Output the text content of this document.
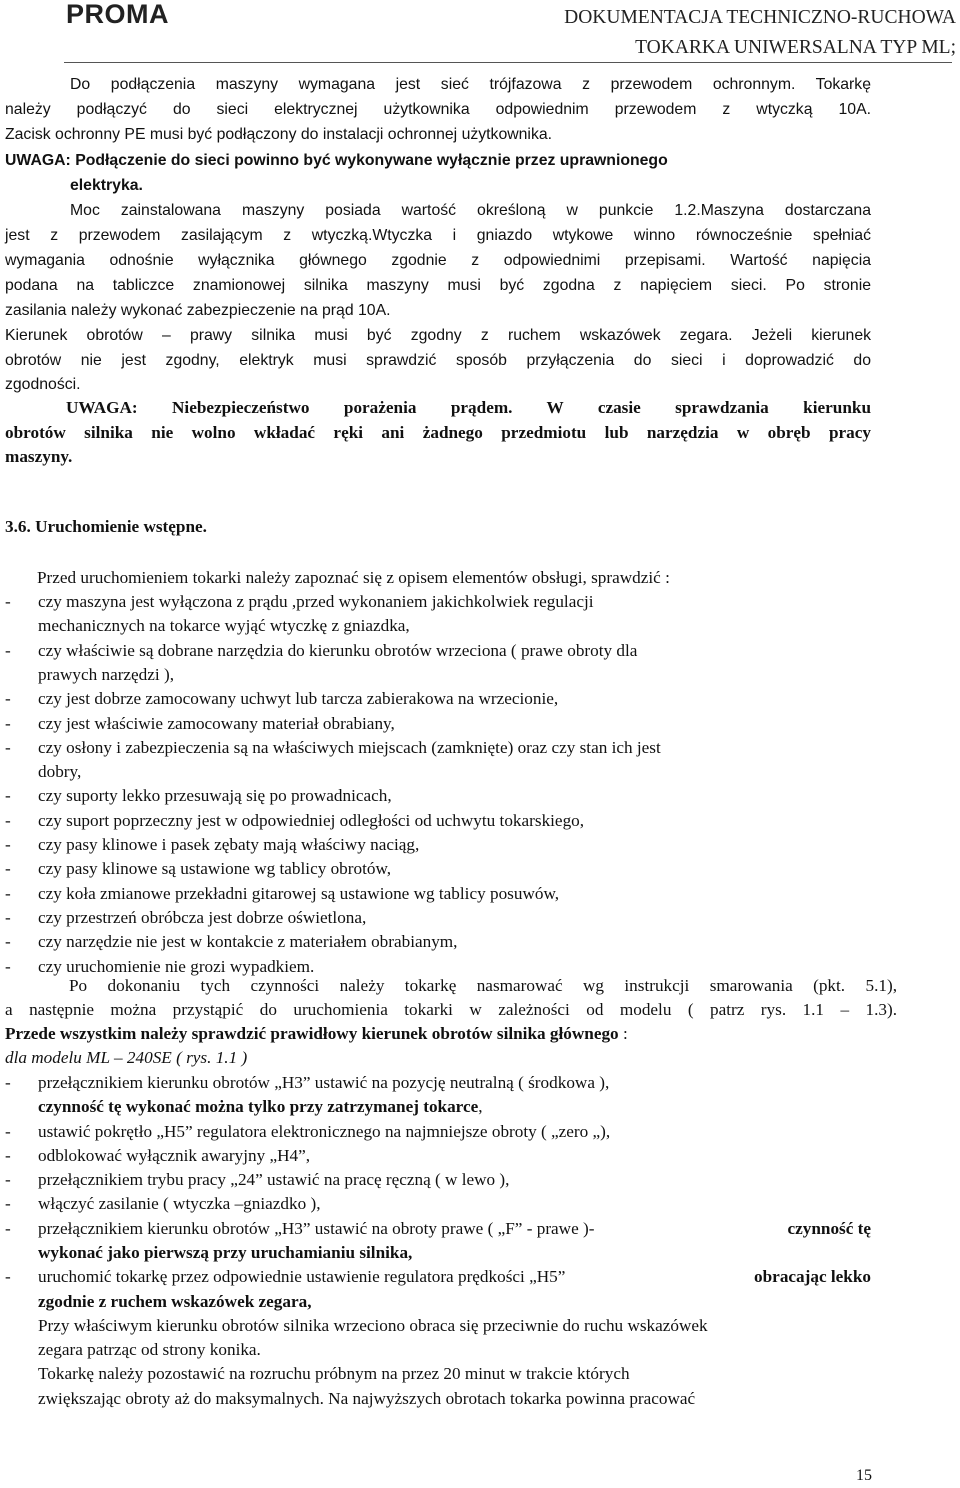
PROMA	DOKUMENTACJA TECHNICZNO-RUCHOWA
TOKARKA UNIWERSALNA TYP ML;
Do podłączenia maszyny wymagana jest sieć trójfazowa z przewodem ochronnym. Tokarkę
należy podłączyć do sieci elektrycznej użytkownika odpowiednim przewodem z wtyczką 10A.
Zacisk ochronny PE musi być podłączony do instalacji ochronnej użytkownika.
UWAGA: Podłączenie do sieci powinno być wykonywane wyłącznie przez uprawnionego
elektryka.
Moc zainstalowana maszyny posiada wartość określoną w punkcie 1.2.Maszyna dostarczana
jest z przewodem zasilającym z wtyczką.Wtyczka i gniazdo wtykowe winno równocześnie spełniać
wymagania odnośnie wyłącznika głównego zgodnie z odpowiednimi przepisami. Wartość napięcia
podana na tabliczce znamionowej silnika maszyny musi być zgodna z napięciem sieci. Po stronie
zasilania należy wykonać zabezpieczenie na prąd 10A.
Kierunek obrotów – prawy silnika musi być zgodny z ruchem wskazówek zegara. Jeżeli kierunek
obrotów nie jest zgodny, elektryk musi sprawdzić sposób przyłączenia do sieci i doprowadzić do
zgodności.
UWAGA: Niebezpieczeństwo porażenia prądem. W czasie sprawdzania kierunku
obrotów silnika nie wolno wkładać ręki ani żadnego przedmiotu lub narzędzia w obręb pracy
maszyny.
3.6. Uruchomienie wstępne.
Przed uruchomieniem tokarki należy zapoznać się z opisem elementów obsługi, sprawdzić :
- czy maszyna jest wyłączona z prądu ,przed wykonaniem jakichkolwiek regulacji
mechanicznych na tokarce wyjąć wtyczkę z gniazdka,
- czy właściwie są dobrane narzędzia do kierunku obrotów wrzeciona ( prawe obroty dla
prawych narzędzi ),
- czy jest dobrze zamocowany uchwyt lub tarcza zabierakowa na wrzecionie,
- czy jest właściwie zamocowany materiał obrabiany,
- czy osłony i zabezpieczenia są na właściwych miejscach (zamknięte) oraz czy stan ich jest
dobry,
- czy suporty lekko przesuwają się po prowadnicach,
- czy suport poprzeczny jest w odpowiedniej odległości od uchwytu tokarskiego,
- czy pasy klinowe i pasek zębaty mają właściwy naciąg,
- czy pasy klinowe są ustawione wg tablicy obrotów,
- czy koła zmianowe przekładni gitarowej są ustawione wg tablicy posuwów,
- czy przestrzeń obróbcza jest dobrze oświetlona,
- czy narzędzie nie jest w kontakcie z materiałem obrabianym,
- czy uruchomienie nie grozi wypadkiem.
Po dokonaniu tych czynności należy tokarkę nasmarować wg instrukcji smarowania (pkt. 5.1),
a następnie można przystąpić do uruchomienia tokarki w zależności od modelu ( patrz rys. 1.1 – 1.3).
Przede wszystkim należy sprawdzić prawidłowy kierunek obrotów silnika głównego :
dla modelu ML – 240SE ( rys. 1.1 )
- przełącznikiem kierunku obrotów „H3” ustawić na pozycję neutralną ( środkowa ),
czynność tę wykonać można tylko przy zatrzymanej tokarce,
- ustawić pokrętło „H5” regulatora elektronicznego na najmniejsze obroty ( „zero „),
- odblokować wyłącznik awaryjny „H4”,
- przełącznikiem trybu pracy „24” ustawić na pracę ręczną ( w lewo ),
- włączyć zasilanie ( wtyczka –gniazdko ),
- przełącznikiem kierunku obrotów „H3” ustawić na obroty prawe ( „F” - prawe )-	czynność tę
wykonać jako pierwszą przy uruchamianiu silnika,
- uruchomić tokarkę przez odpowiednie ustawienie regulatora prędkości „H5”	obracając lekko
zgodnie z ruchem wskazówek zegara,
Przy właściwym kierunku obrotów silnika wrzeciono obraca się przeciwnie do ruchu wskazówek
zegara patrząc od strony konika.
Tokarkę należy pozostawić na rozruchu próbnym na przez 20 minut w trakcie których
zwiększając obroty aż do maksymalnych. Na najwyższych obrotach tokarka powinna pracować
15
